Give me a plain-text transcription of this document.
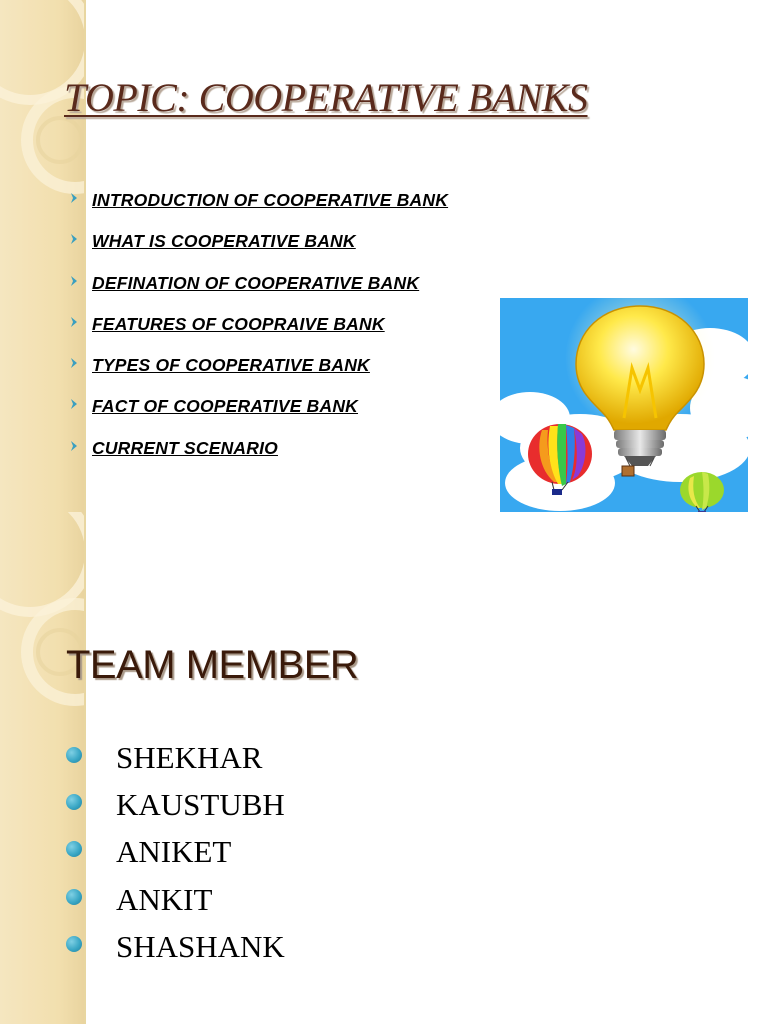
TOPIC: COOPERATIVE BANKS
INTRODUCTION OF COOPERATIVE BANK
WHAT IS COOPERATIVE BANK
DEFINATION OF COOPERATIVE BANK
FEATURES OF COOPRAIVE BANK
TYPES OF COOPERATIVE BANK
FACT OF COOPERATIVE BANK
CURRENT SCENARIO
TEAM MEMBER
SHEKHAR
KAUSTUBH
ANIKET
ANKIT
SHASHANK
